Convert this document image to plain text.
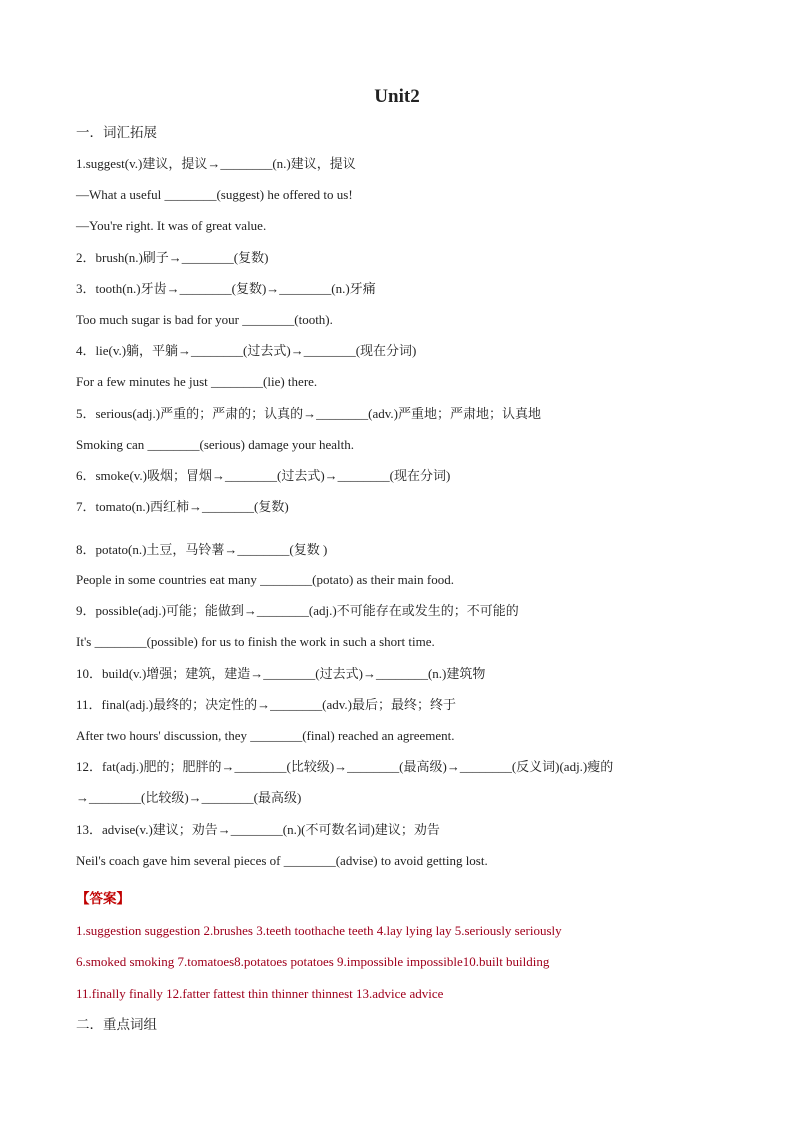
Unit2
一．词汇拓展
1.suggest(v.)建议，提议→________(n.)建议，提议
—What a useful ________(suggest) he offered to us!
—You're right. It was of great value.
2．brush(n.)刷子→________(复数)
3．tooth(n.)牙齿→________(复数)→________(n.)牙痛
Too much sugar is bad for your ________(tooth).
4．lie(v.)躺，平躺→________(过去式)→________(现在分词)
For a few minutes he just ________(lie) there.
5．serious(adj.)严重的；严肃的；认真的→________(adv.)严重地；严肃地；认真地
Smoking can ________(serious) damage your health.
6．smoke(v.)吸烟；冒烟→________(过去式)→________(现在分词)
7．tomato(n.)西红柿→________(复数)
8．potato(n.)土豆，马铃薯→________(复数 )
People in some countries eat many ________(potato) as their main food.
9．possible(adj.)可能；能做到→________(adj.)不可能存在或发生的；不可能的
It's ________(possible) for us to finish the work in such a short time.
10．build(v.)增强；建筑，建造→________(过去式)→________(n.)建筑物
11．final(adj.)最终的；决定性的→________(adv.)最后；最终；终于
After two hours' discussion, they ________(final) reached an agreement.
12．fat(adj.)肥的；肥胖的→________(比较级)→________(最高级)→________(反义词)(adj.)瘦的
→________(比较级)→________(最高级)
13．advise(v.)建议；劝告→________(n.)(不可数名词)建议；劝告
Neil's coach gave him several pieces of ________(advise) to avoid getting lost.
【答案】
1.suggestion suggestion 2.brushes 3.teeth toothache teeth 4.lay lying lay 5.seriously seriously
6.smoked smoking 7.tomatoes8.potatoes potatoes 9.impossible impossible10.built building
11.finally finally 12.fatter fattest thin thinner thinnest 13.advice advice
二．重点词组
